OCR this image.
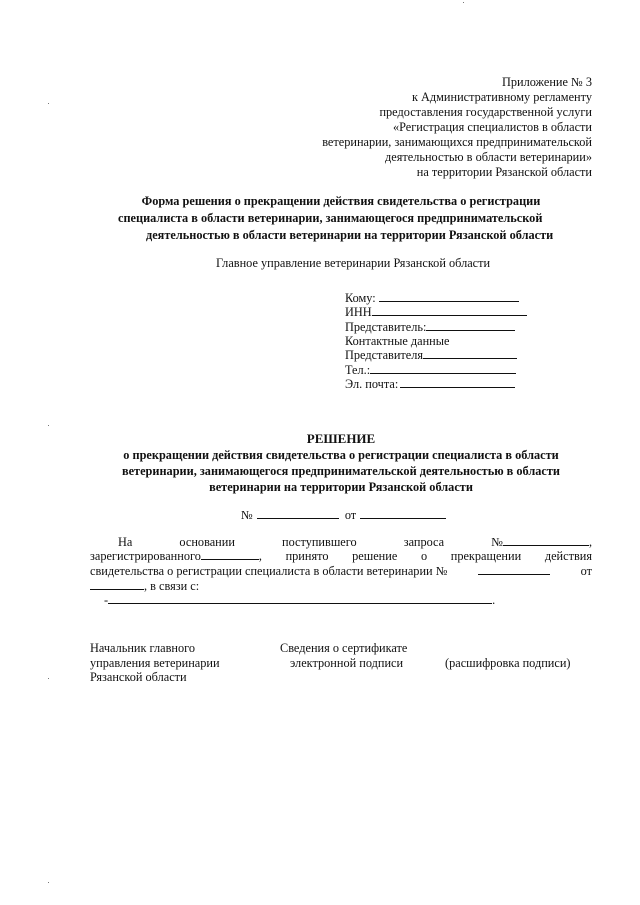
Приложение № 3
к Административному регламенту
предоставления государственной услуги
«Регистрация специалистов в области
ветеринарии, занимающихся предпринимательской
деятельностью в области ветеринарии»
на территории Рязанской области
Форма решения о прекращении действия свидетельства о регистрации
специалиста в области ветеринарии, занимающегося предпринимательской
деятельностью в области ветеринарии на территории Рязанской области
Главное управление ветеринарии Рязанской области
Кому:
ИНН
Представитель:
Контактные данные
Представителя
Тел.:
Эл. почта:
РЕШЕНИЕ
о прекращении действия свидетельства о регистрации специалиста в области
ветеринарии, занимающегося предпринимательской деятельностью в области
ветеринарии на территории Рязанской области
№	от
На	основании	поступившего	запроса	№	,
зарегистрированного	, принято решение о прекращении действия
свидетельства о регистрации специалиста в области ветеринарии №	от
, в связи с:
-	.
Начальник главного
управления ветеринарии
Рязанской области
Сведения о сертификате
электронной подписи	(расшифровка подписи)
